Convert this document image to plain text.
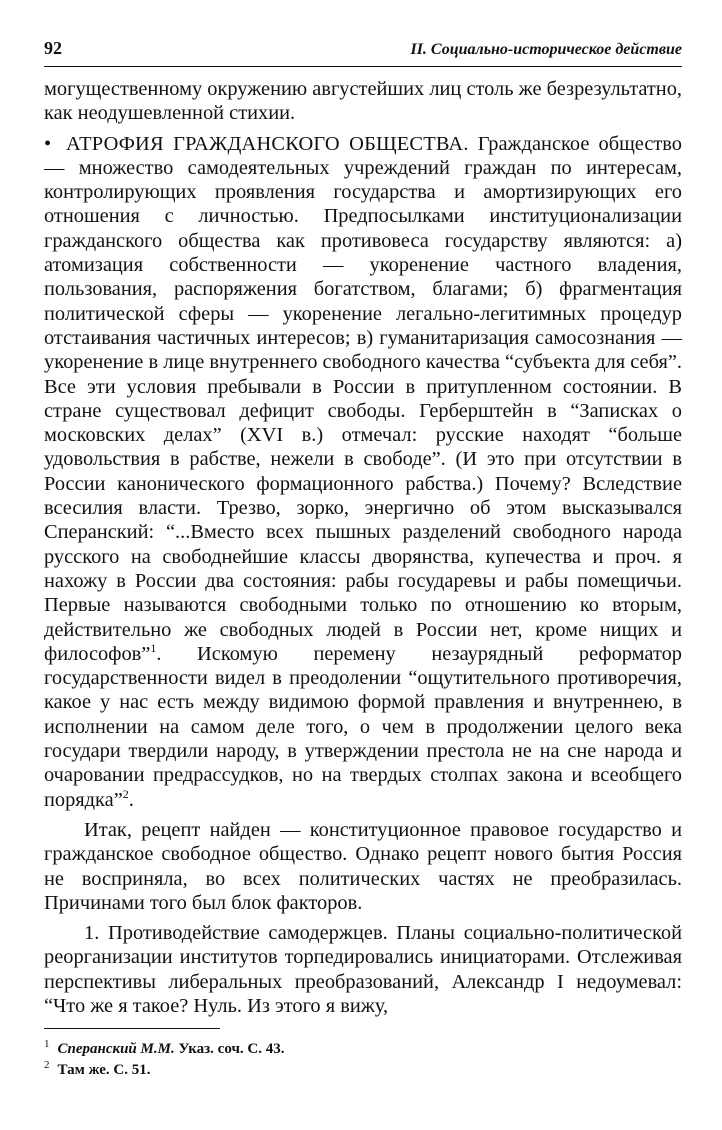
92	II. Социально-историческое действие

могущественному окружению августейших лиц столь же безрезультатно, как неодушевленной стихии.

• АТРОФИЯ ГРАЖДАНСКОГО ОБЩЕСТВА. Гражданское общество — множество самодеятельных учреждений граждан по интересам, контролирующих проявления государства и амортизирующих его отношения с личностью. Предпосылками институционализации гражданского общества как противовеса государству являются: а) атомизация собственности — укоренение частного владения, пользования, распоряжения богатством, благами; б) фрагментация политической сферы — укоренение легально-легитимных процедур отстаивания частичных интересов; в) гуманитаризация самосознания — укоренение в лице внутреннего свободного качества “субъекта для себя”. Все эти условия пребывали в России в притупленном состоянии. В стране существовал дефицит свободы. Герберштейн в “Записках о московских делах” (XVI в.) отмечал: русские находят “больше удовольствия в рабстве, нежели в свободе”. (И это при отсутствии в России канонического формационного рабства.) Почему? Вследствие всесилия власти. Трезво, зорко, энергично об этом высказывался Сперанский: “...Вместо всех пышных разделений свободного народа русского на свободнейшие классы дворянства, купечества и проч. я нахожу в России два состояния: рабы государевы и рабы помещичьи. Первые называются свободными только по отношению ко вторым, действительно же свободных людей в России нет, кроме нищих и философов”$^1$. Искомую перемену незаурядный реформатор государственности видел в преодолении “ощутительного противоречия, какое у нас есть между видимою формой правления и внутреннею, в исполнении на самом деле того, о чем в продолжении целого века государи твердили народу, в утверждении престола не на сне народа и очаровании предрассудков, но на твердых столпах закона и всеобщего порядка”$^2$.

Итак, рецепт найден — конституционное правовое государство и гражданское свободное общество. Однако рецепт нового бытия Россия не восприняла, во всех политических частях не преобразилась. Причинами того был блок факторов.

1. Противодействие самодержцев. Планы социально-политической реорганизации институтов торпедировались инициаторами. Отслеживая перспективы либеральных преобразований, Александр I недоумевал: “Что же я такое? Нуль. Из этого я вижу,

$^1$ Сперанский М.М. Указ. соч. С. 43.
$^2$ Там же. С. 51.
